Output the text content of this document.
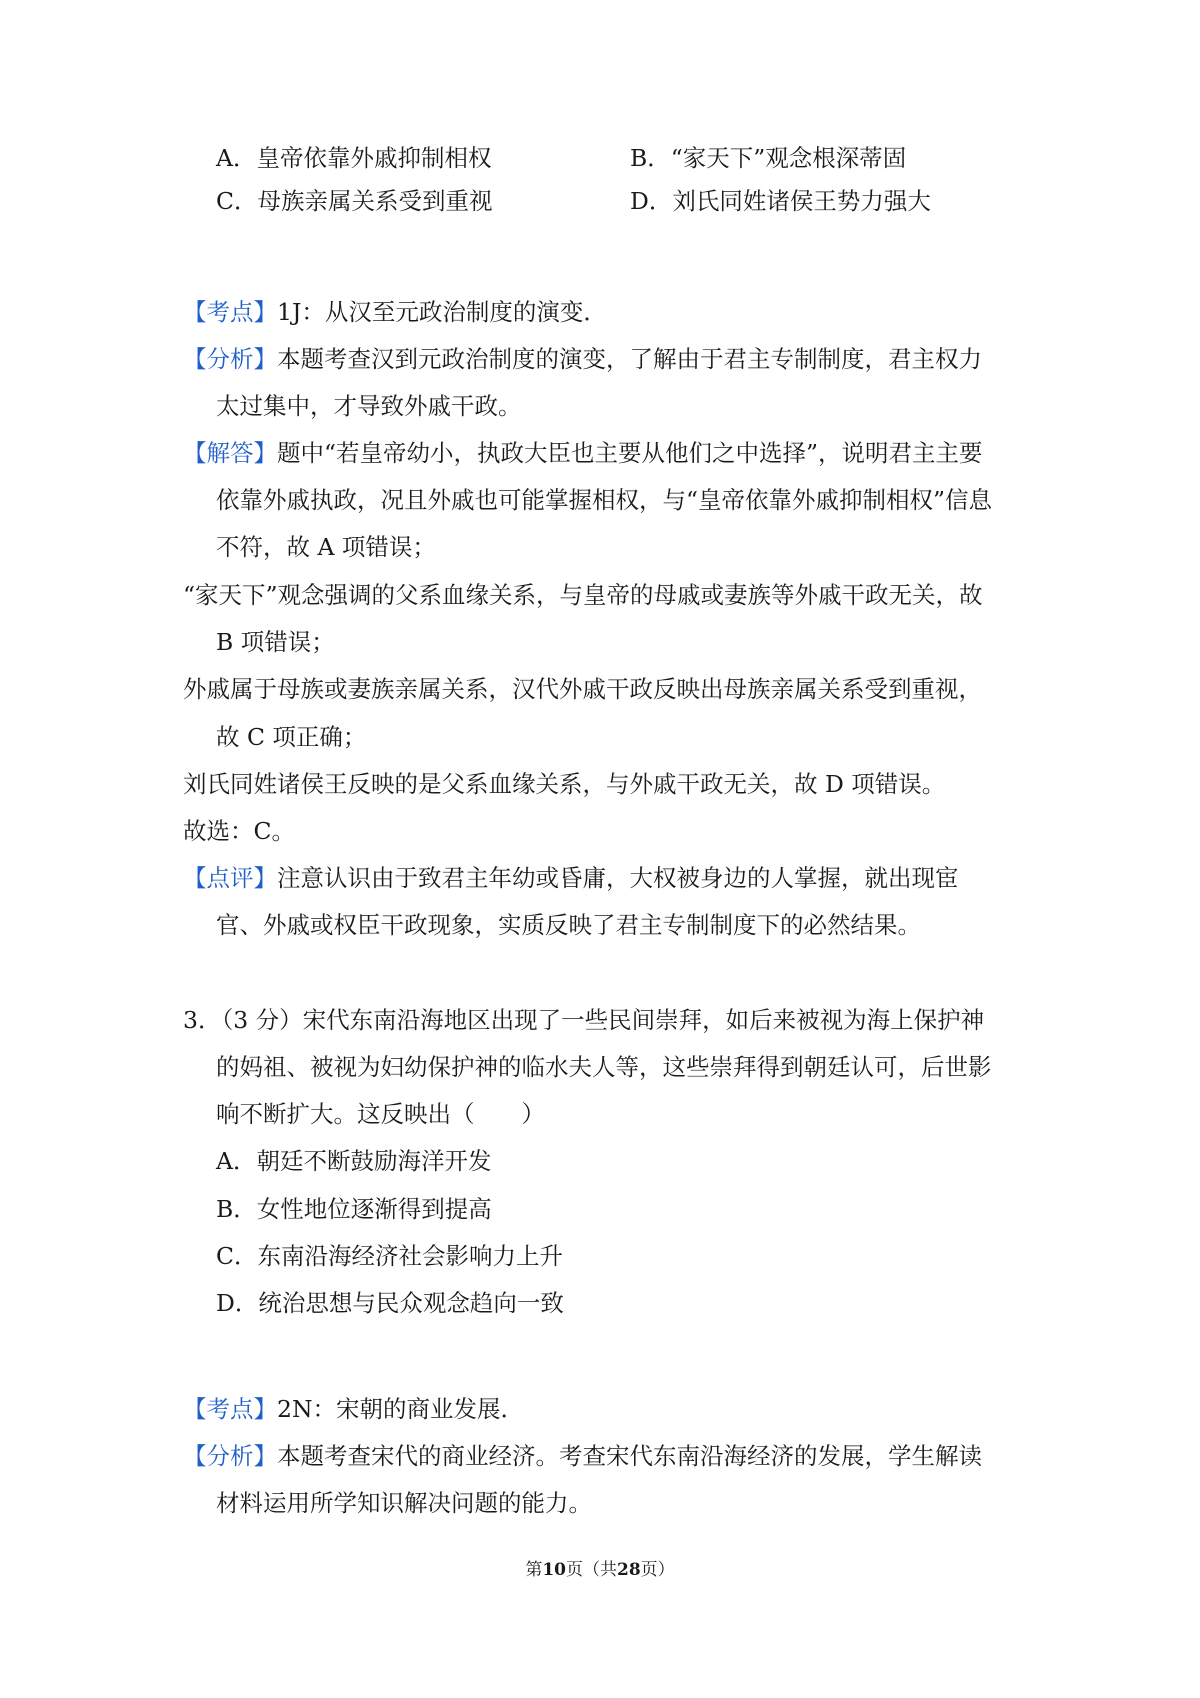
A．皇帝依靠外戚抑制相权	B．“家天下”观念根深蒂固
C．母族亲属关系受到重视	D．刘氏同姓诸侯王势力强大
【考点】1J：从汉至元政治制度的演变．
【分析】本题考查汉到元政治制度的演变，了解由于君主专制制度，君主权力
太过集中，才导致外戚干政。
【解答】题中“若皇帝幼小，执政大臣也主要从他们之中选择”，说明君主主要
依靠外戚执政，况且外戚也可能掌握相权，与“皇帝依靠外戚抑制相权”信息
不符，故 A 项错误；
“家天下”观念强调的父系血缘关系，与皇帝的母戚或妻族等外戚干政无关，故
B 项错误；
外戚属于母族或妻族亲属关系，汉代外戚干政反映出母族亲属关系受到重视，
故 C 项正确；
刘氏同姓诸侯王反映的是父系血缘关系，与外戚干政无关，故 D 项错误。
故选：C。
【点评】注意认识由于致君主年幼或昏庸，大权被身边的人掌握，就出现宦
官、外戚或权臣干政现象，实质反映了君主专制制度下的必然结果。
3．（3 分）宋代东南沿海地区出现了一些民间崇拜，如后来被视为海上保护神
的妈祖、被视为妇幼保护神的临水夫人等，这些崇拜得到朝廷认可，后世影
响不断扩大。这反映出（　　）
A．朝廷不断鼓励海洋开发
B．女性地位逐渐得到提高
C．东南沿海经济社会影响力上升
D．统治思想与民众观念趋向一致
【考点】2N：宋朝的商业发展．
【分析】本题考查宋代的商业经济。考查宋代东南沿海经济的发展，学生解读
材料运用所学知识解决问题的能力。
第10页（共28页）
